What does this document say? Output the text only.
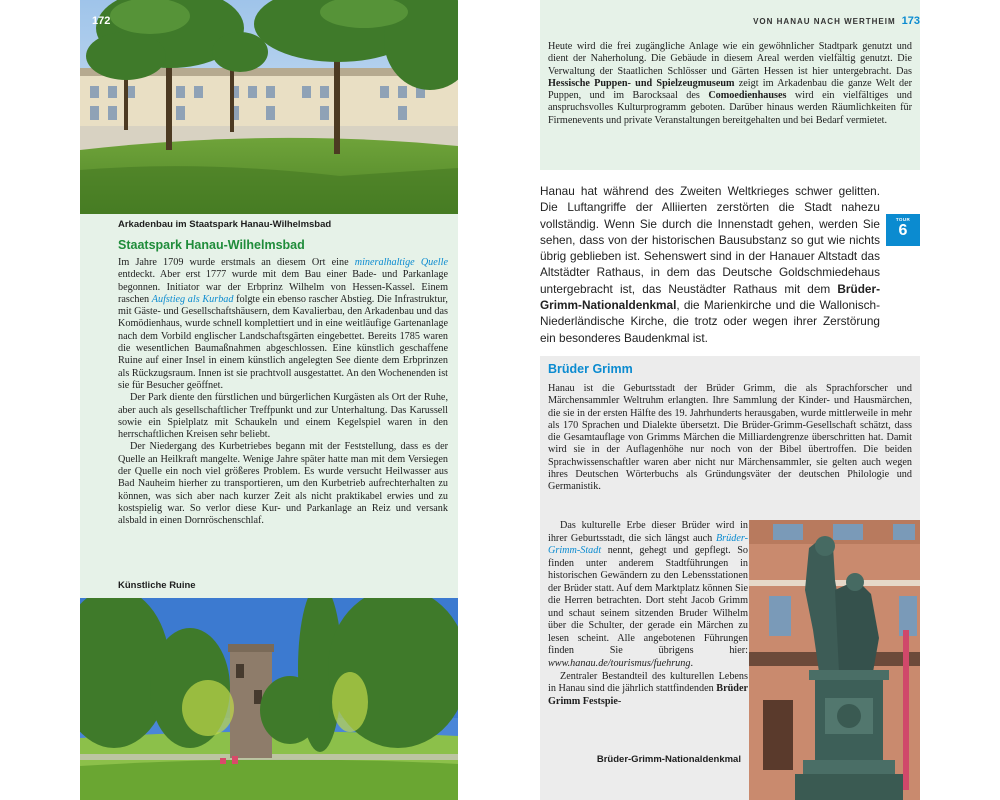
172
Arkadenbau im Staatspark Hanau-Wilhelmsbad
Staatspark Hanau-Wilhelmsbad

Im Jahre 1709 wurde erstmals an diesem Ort eine mineralhaltige Quelle entdeckt. Aber erst 1777 wurde mit dem Bau einer Bade- und Parkanlage begonnen. Initiator war der Erbprinz Wilhelm von Hessen-Kassel. Einem raschen Aufstieg als Kurbad folgte ein ebenso rascher Abstieg. Die Infrastruktur, mit Gäste- und Gesellschaftshäusern, dem Kavalierbau, den Arkadenbau und das Komödienhaus, wurde schnell komplettiert und in eine weitläufige Gartenanlage nach dem Vorbild englischer Landschaftsgärten eingebettet. Bereits 1785 waren die wesentlichen Baumaßnahmen abgeschlossen. Eine künstlich geschaffene Ruine auf einer Insel in einem künstlich angelegten See diente dem Erbprinzen als Rückzugsraum. Innen ist sie prachtvoll ausgestattet. An den Wochenenden ist sie für Besucher geöffnet.

Der Park diente den fürstlichen und bürgerlichen Kurgästen als Ort der Ruhe, aber auch als gesellschaftlicher Treffpunkt und zur Unterhaltung. Das Karussell sowie ein Spielplatz mit Schaukeln und einem Kegelspiel waren in den herrschaftlichen Kreisen sehr beliebt.

Der Niedergang des Kurbetriebes begann mit der Feststellung, dass es der Quelle an Heilkraft mangelte. Wenige Jahre später hatte man mit dem Versiegen der Quelle ein noch viel größeres Problem. Es wurde versucht Heilwasser aus Bad Nauheim hierher zu transportieren, um den Kurbetrieb aufrechterhalten zu können, was sich aber nach kurzer Zeit als nicht praktikabel erwies und zu kostspielig war. So verlor diese Kur- und Parkanlage an Reiz und versank alsbald in einen Dornröschenschlaf.

Künstliche Ruine
Heute wird die frei zugängliche Anlage wie ein gewöhnlicher Stadtpark genutzt und dient der Naherholung. Die Gebäude in diesem Areal werden vielfältig genutzt. Die Verwaltung der Staatlichen Schlösser und Gärten Hessen ist hier untergebracht. Das Hessische Puppen- und Spielzeugmuseum zeigt im Arkadenbau die ganze Welt der Puppen, und im Barocksaal des Comoedienhauses wird ein vielfältiges und anspruchsvolles Kulturprogramm geboten. Darüber hinaus werden Räumlichkeiten für Firmenevents und private Veranstaltungen bereitgehalten und bei Bedarf vermietet.
VON HANAU NACH WERTHEIM 173

Hanau hat während des Zweiten Weltkrieges schwer gelitten. Die Luftangriffe der Alliierten zerstörten die Stadt nahezu vollständig. Wenn Sie durch die Innenstadt gehen, werden Sie sehen, dass von der historischen Bausubstanz so gut wie nichts übrig geblieben ist. Sehenswert sind in der Hanauer Altstadt das Altstädter Rathaus, in dem das Deutsche Goldschmiedehaus untergebracht ist, das Neustädter Rathaus mit dem Brüder-Grimm-Nationaldenkmal, die Marienkirche und die Wallonisch-Niederländische Kirche, die trotz oder wegen ihrer Zerstörung ein besonderes Baudenkmal ist.

TOUR
6
Brüder Grimm
Hanau ist die Geburtsstadt der Brüder Grimm, die als Sprachforscher und Märchensammler Weltruhm erlangten. Ihre Sammlung der Kinder- und Hausmärchen, die sie in der ersten Hälfte des 19. Jahrhunderts herausgaben, wurde mittlerweile in mehr als 170 Sprachen und Dialekte übersetzt. Die Brüder-Grimm-Gesellschaft schätzt, dass die Gesamtauflage von Grimms Märchen die Milliardengrenze überschritten hat. Damit wird sie in der Auflagenhöhe nur noch von der Bibel übertroffen. Die beiden Sprachwissenschaftler waren aber nicht nur Märchensammler, sie gelten auch wegen ihres Deutschen Wörterbuchs als Gründungsväter der deutschen Philologie und Germanistik.

Das kulturelle Erbe dieser Brüder wird in ihrer Geburtsstadt, die sich längst auch Brüder-Grimm-Stadt nennt, gehegt und gepflegt. So finden unter anderem Stadtführungen in historischen Gewändern zu den Lebensstationen der Brüder statt. Auf dem Marktplatz können Sie die Herren betrachten. Dort steht Jacob Grimm und schaut seinem sitzenden Bruder Wilhelm über die Schulter, der gerade ein Märchen zu lesen scheint. Alle angebotenen Führungen finden Sie übrigens hier: www.hanau.de/tourismus/fuehrung.

Zentraler Bestandteil des kulturellen Lebens in Hanau sind die jährlich stattfindenden Brüder Grimm Festspie-

Brüder-Grimm-Nationaldenkmal
